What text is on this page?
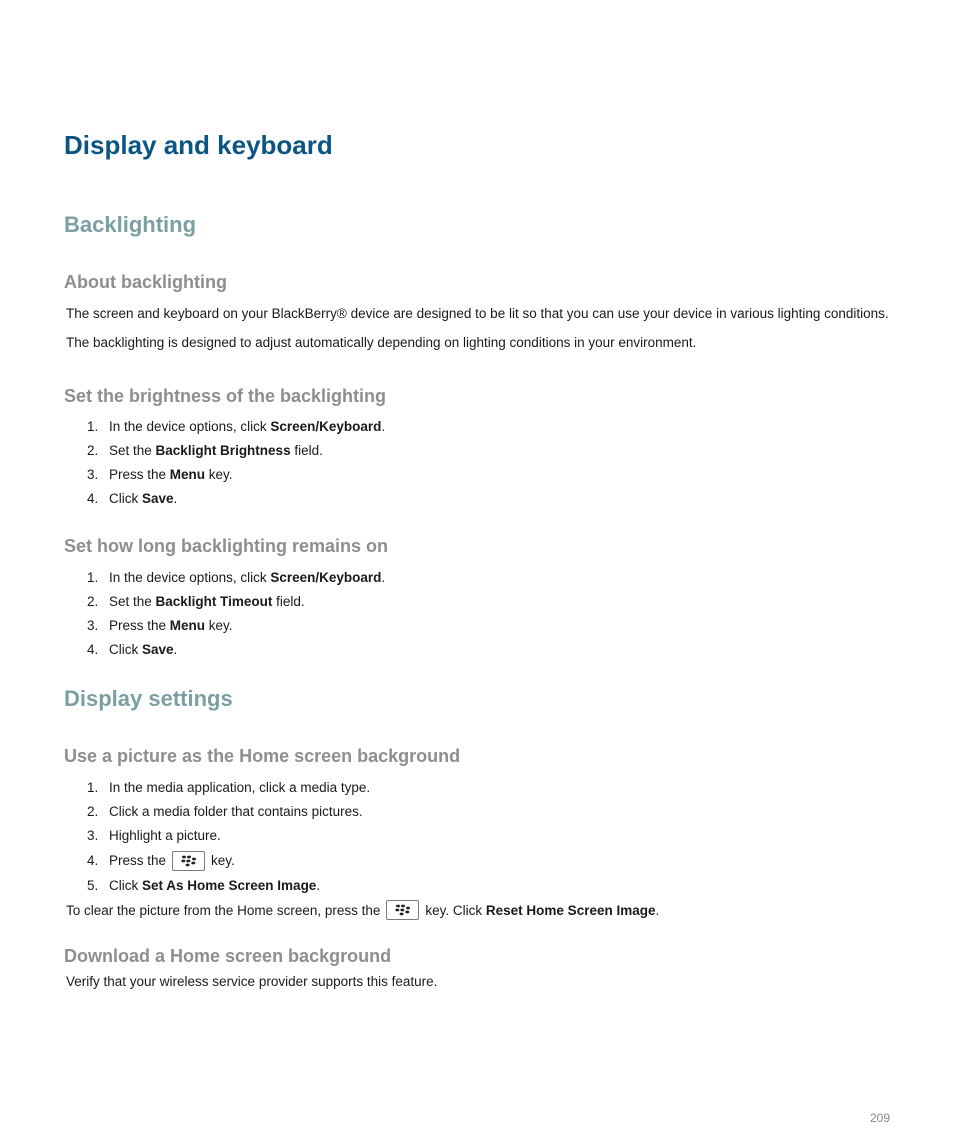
Display and keyboard
Backlighting
About backlighting

The screen and keyboard on your BlackBerry® device are designed to be lit so that you can use your device in various lighting conditions.

The backlighting is designed to adjust automatically depending on lighting conditions in your environment.

Set the brightness of the backlighting
1. In the device options, click Screen/Keyboard .
2. Set the Backlight Brightness field.
3. Press the Menu key.
4. Click Save .
Set how long backlighting remains on
1. In the device options, click Screen/Keyboard .
2. Set the Backlight Timeout field.
3. Press the Menu key.
4. Click Save .
Display settings
Use a picture as the Home screen background
1. In the media application, click a media type.
2. Click a media folder that contains pictures.
3. Highlight a picture.
4. Press the	key.
5. Click Set As Home Screen Image .

To clear the picture from the Home screen, press the	key. Click Reset Home Screen Image .

Download a Home screen background

Verify that your wireless service provider supports this feature.

209
